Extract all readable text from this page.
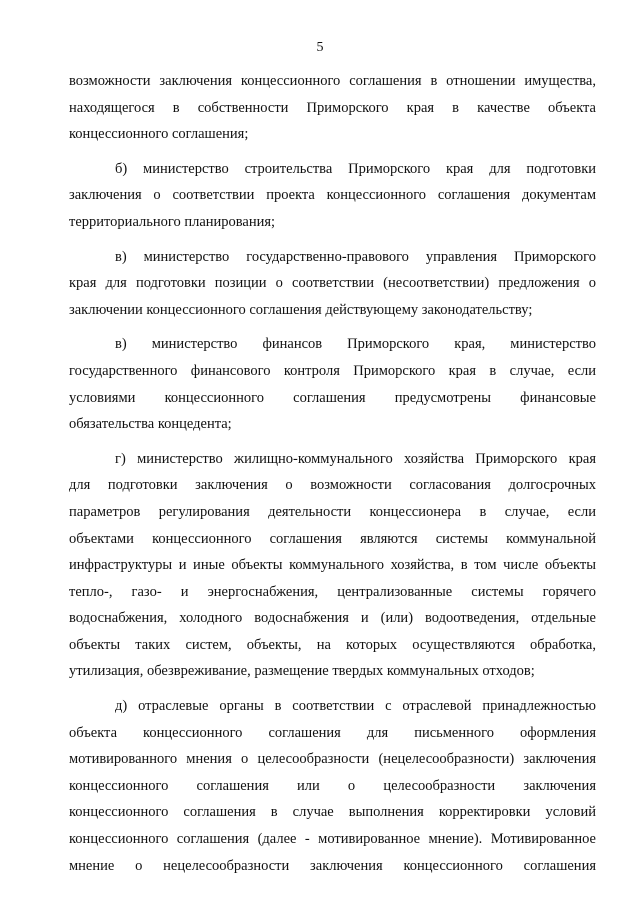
5
возможности заключения концессионного соглашения в отношении имущества,
находящегося в собственности Приморского края в качестве объекта
концессионного соглашения;
б) министерство строительства Приморского края для подготовки
заключения о соответствии проекта концессионного соглашения документам
территориального планирования;
в) министерство государственно-правового управления Приморского
края для подготовки позиции о соответствии (несоответствии) предложения о
заключении концессионного соглашения действующему законодательству;
в) министерство финансов Приморского края, министерство
государственного финансового контроля Приморского края в случае, если
условиями концессионного соглашения предусмотрены финансовые
обязательства концедента;
г) министерство жилищно-коммунального хозяйства Приморского края
для подготовки заключения о возможности согласования долгосрочных
параметров регулирования деятельности концессионера в случае, если
объектами концессионного соглашения являются системы коммунальной
инфраструктуры и иные объекты коммунального хозяйства, в том числе объекты
тепло-, газо- и энергоснабжения, централизованные системы горячего
водоснабжения, холодного водоснабжения и (или) водоотведения, отдельные
объекты таких систем, объекты, на которых осуществляются обработка,
утилизация, обезвреживание, размещение твердых коммунальных отходов;
д) отраслевые органы в соответствии с отраслевой принадлежностью
объекта концессионного соглашения для письменного оформления
мотивированного мнения о целесообразности (нецелесообразности) заключения
концессионного соглашения или о целесообразности заключения
концессионного соглашения в случае выполнения корректировки условий
концессионного соглашения (далее - мотивированное мнение). Мотивированное
мнение о нецелесообразности заключения концессионного соглашения
